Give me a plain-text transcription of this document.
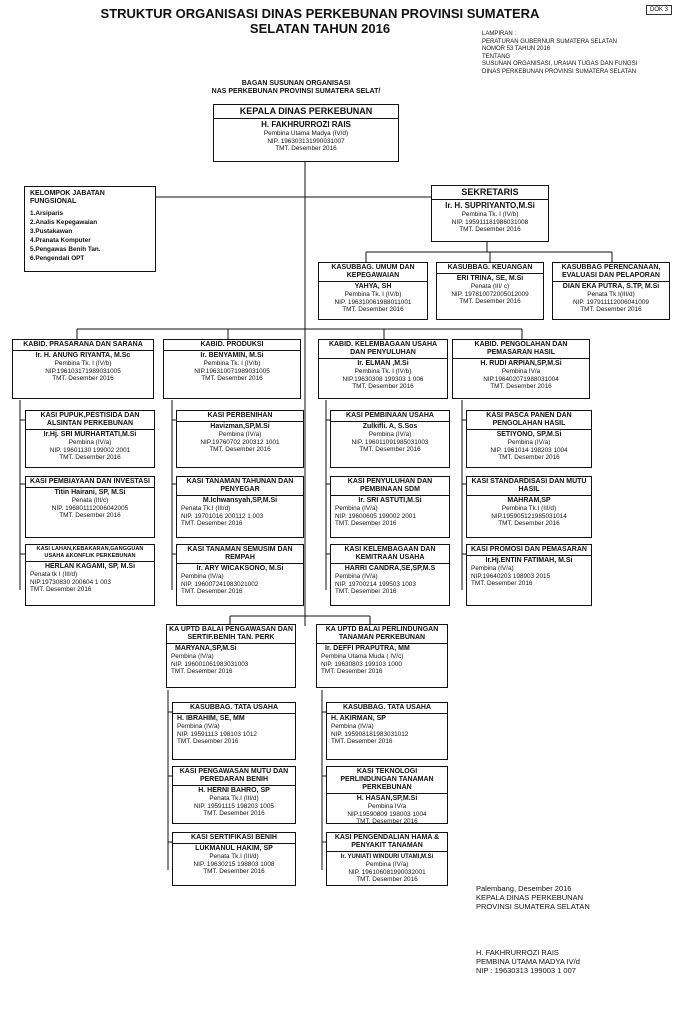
STRUKTUR ORGANISASI DINAS PERKEBUNAN PROVINSI SUMATERA
SELATAN TAHUN 2016
DOK 3
LAMPIRAN :
PERATURAN GUBERNUR SUMATERA SELATAN
NOMOR 53 TAHUN 2016
TENTANG
SUSUNAN ORGANISASI, URAIAN TUGAS DAN FUNGSI
DINAS PERKEBUNAN PROVINSI SUMATERA SELATAN
BAGAN SUSUNAN ORGANISASI
NAS PERKEBUNAN PROVINSI SUMATERA SELAT/
KEPALA DINAS PERKEBUNAN
H. FAKHRURROZI RAIS
Pembina Utama Madya (IV/d)
NIP. 196303131990031007
TMT. Desember 2016
KELOMPOK JABATAN
FUNGSIONAL
1.Arsiparis
2.Analis Kepegawaian
3.Pustakawan
4.Pranata Komputer
5.Pengawas Benih Tan.
6.Pengendali OPT
SEKRETARIS
Ir. H. SUPRIYANTO,M.Si
Pembina Tk. I (IV/b)
NIP. 195911181986031008
TMT. Desember 2016
KASUBBAG. UMUM DAN KEPEGAWAIAN
YAHYA, SH
Pembina Tk. I (IV/b)
NIP. 196310061988011001
TMT. Desember 2016
KASUBBAG. KEUANGAN
ERI TRINA, SE, M.Si
Penata (III/ c)
NIP. 197810072005012009
TMT. Desember 2016
KASUBBAG PERENCANAAN, EVALUASI DAN PELAPORAN
DIAN EKA PUTRA, S.TP, M.Si
Penata Tk I(III/d)
NIP. 197911112006041009
TMT. Desember 2016
KABID. PRASARANA DAN SARANA
Ir. H. ANUNG RIYANTA, M.Sc
Pembina Tk. I (IV/b)
NIP.196103171989031005
TMT. Desember 2016
KABID. PRODUKSI
Ir. BENYAMIN, M.Si
Pembina Tk. I (IV/b)
NIP.196310071989031005
TMT. Desember 2016
KABID. KELEMBAGAAN USAHA DAN PENYULUHAN
Ir. ELMAN ,M.Si
Pembina Tk. I (IV/b)
NIP.19630308 199303 1 006
TMT. Desember 2016
KABID. PENGOLAHAN DAN PEMASARAN HASIL
H. RUDI ARPIAN,SP,M.Si
Pembina IV/a
NIP.196402071988031004
TMT. Desember 2016
KASI PUPUK,PESTISIDA DAN ALSINTAN PERKEBUNAN
Ir.Hj. SRI MURHARTATI,M.Si
Pembina (IV/a)
NIP. 19601130 199002 2001
TMT. Desember 2016
KASI PEMBIAYAAN DAN INVESTASI
Titin Hairani, SP, M.Si
Penata (III/c)
NIP. 196801112006042005
TMT. Desember 2016
KASI LAHAN,KEBAKARAN,GANGGUAN USAHA &KONFLIK PERKEBUNAN
HERLAN KAGAMI, SP, M.Si
Penata tk I (III/d)
NIP.19730830 200604 1 003
TMT. Desember 2016
KASI PERBENIHAN
Havizman,SP,M.Si
Pembina (IV/a)
NIP.19760702 200312 1001
TMT. Desember 2016
KASI TANAMAN TAHUNAN DAN PENYEGAR
M.Ichwansyah,SP,M.Si
Penata Tk.I (III/d)
NIP. 19701016 200112 1 003
TMT. Desember 2016
KASI TANAMAN SEMUSIM DAN REMPAH
Ir. ARY WICAKSONO, M.Si
Pembina (IV/a)
NIP. 196007241983021002
TMT. Desember 2016
KASI PEMBINAAN USAHA
Zulkifli. A, S.Sos
Pembina (IV/a)
NIP. 196011091985031003
TMT. Desember 2016
KASI PENYULUHAN DAN PEMBINAAN SDM
Ir. SRI ASTUTI,M.Si
Pembina (IV/a)
NIP. 19600605 199002 2001
TMT. Desember 2016
KASI KELEMBAGAAN DAN KEMITRAAN USAHA
HARRI CANDRA,SE,SP,M.S
Pembina (IV/a)
NIP. 19700214 199503 1003
TMT. Desember 2016
KASI PASCA PANEN DAN PENGOLAHAN HASIL
SETIYONO, SP,M.Si
Pembina (IV/a)
NIP. 1961014 198203 1004
TMT. Desember 2016
KASI STANDARDISASI DAN MUTU HASIL
MAHRAM,SP
Pembina Tk.I (III/d)
NIP.195905121985031014
TMT. Desember 2016
KASI PROMOSI DAN PEMASARAN
Ir.Hj.ENTIN FATIMAH, M.Si
Pembina (IV/a)
NIP.19640203 198903 2015
TMT. Desember 2016
KA UPTD BALAI PENGAWASAN DAN SERTIF.BENIH TAN. PERK
MARYANA,SP,M.Si
Pembina (IV/a)
NIP. 196001061983031003
TMT. Desember 2016
KA UPTD BALAI PERLINDUNGAN TANAMAN PERKEBUNAN
Ir. DEFFI PRAPUTRA, MM
Pembina Utama Muda ( IV/c)
NIP. 19630803 199103 1000
TMT. Desember 2016
KASUBBAG. TATA USAHA
H. IBRAHIM, SE, MM
Pembina (IV/a)
NIP. 19591113 198103 1012
TMT. Desember 2016
KASI PENGAWASAN MUTU DAN PEREDARAN BENIH
H. HERNI BAHRO, SP
Penata Tk.I (III/d)
NIP. 19591115 198203 1005
TMT. Desember 2016
KASI SERTIFIKASI BENIH
LUKMANUL HAKIM, SP
Penata Tk.I (III/d)
NIP. 19630215 198803 1008
TMT. Desember 2016
KASUBBAG. TATA USAHA
H. AKIRMAN, SP
Pembina (IV/a)
NIP. 195908181983031012
TMT. Desember 2016
KASI TEKNOLOGI PERLINDUNGAN TANAMAN PERKEBUNAN
H. HASAN,SP,M.Si
Pembina IV/a
NIP.19590809 198003 1004
TMT. Desember 2016
KASI PENGENDALIAN HAMA & PENYAKIT TANAMAN
Ir. YUNIATI WINDURI UTAMI,M.Si
Pembina (IV/a)
NIP. 196106081990032001
TMT. Desember 2016
Palembang, Desember 2016
KEPALA DINAS PERKEBUNAN
PROVINSI SUMATERA SELATAN
H. FAKHRURROZI RAIS
PEMBINA UTAMA MADYA IV/d
NIP : 19630313 199003 1 007
